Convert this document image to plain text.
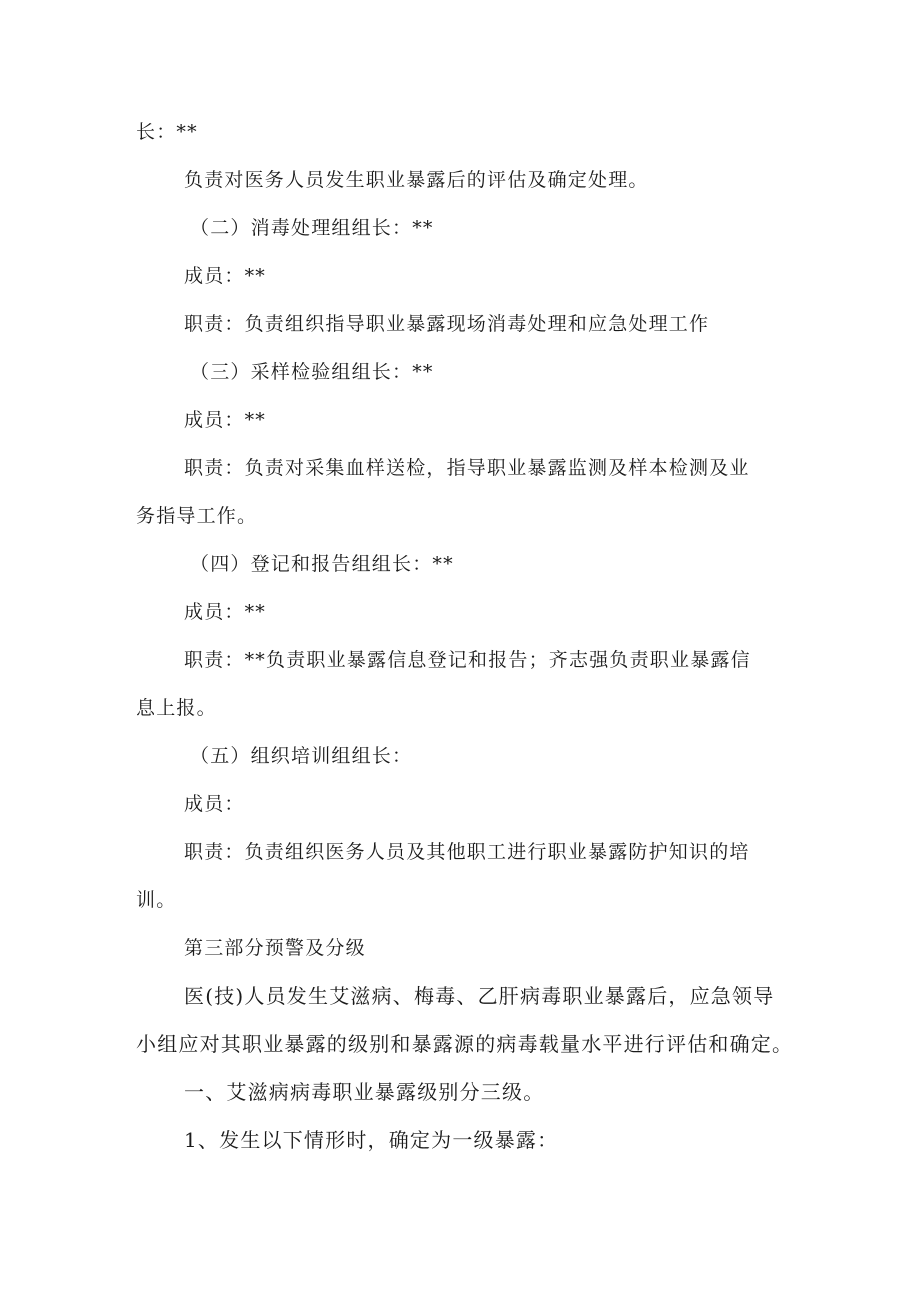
长：**
负责对医务人员发生职业暴露后的评估及确定处理。
（二）消毒处理组组长：**
成员：**
职责：负责组织指导职业暴露现场消毒处理和应急处理工作
（三）采样检验组组长：**
成员：**
职责：负责对采集血样送检，指导职业暴露监测及样本检测及业
务指导工作。
（四）登记和报告组组长：**
成员：**
职责：**负责职业暴露信息登记和报告；齐志强负责职业暴露信
息上报。
（五）组织培训组组长：
成员：
职责：负责组织医务人员及其他职工进行职业暴露防护知识的培
训。
第三部分预警及分级
医(技)人员发生艾滋病、梅毒、乙肝病毒职业暴露后，应急领导
小组应对其职业暴露的级别和暴露源的病毒载量水平进行评估和确定。
一、艾滋病病毒职业暴露级别分三级。
1、发生以下情形时，确定为一级暴露：
